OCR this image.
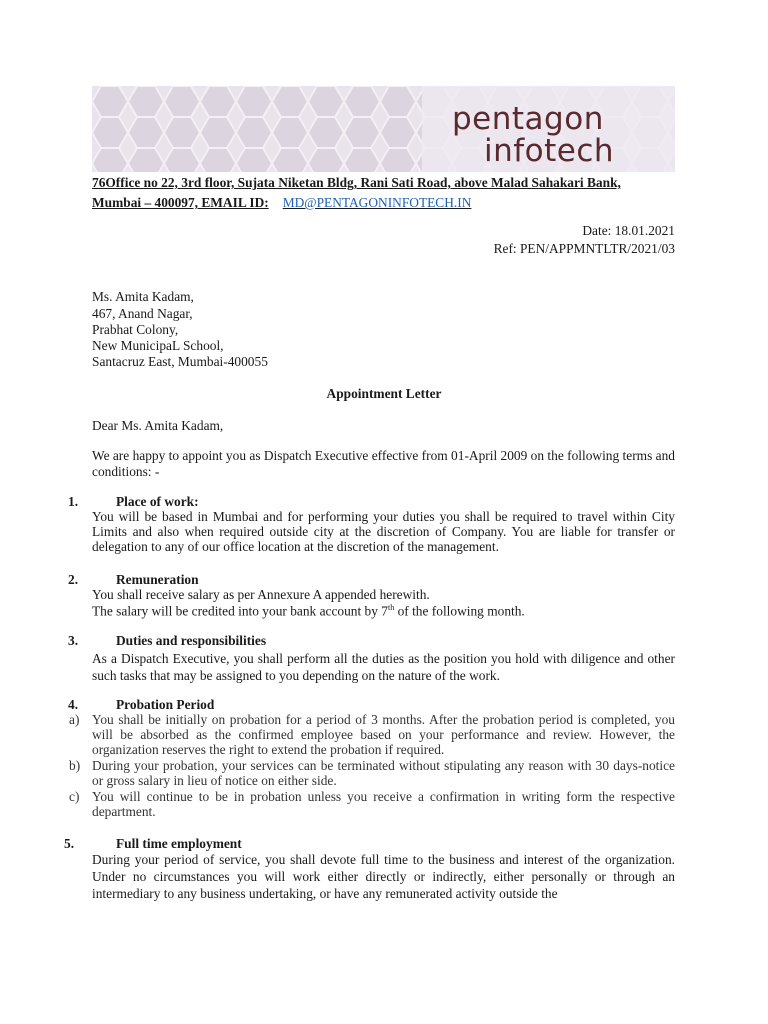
pentagon
infotech
76Office no 22, 3rd floor, Sujata Niketan Bldg, Rani Sati Road, above Malad Sahakari Bank,
Mumbai – 400097, EMAIL ID: MD@PENTAGONINFOTECH.IN
Date: 18.01.2021
Ref: PEN/APPMNTLTR/2021/03
Ms. Amita Kadam,
467, Anand Nagar,
Prabhat Colony,
New MunicipaL School,
Santacruz East, Mumbai-400055
Appointment Letter
Dear Ms. Amita Kadam,
We are happy to appoint you as Dispatch Executive effective from 01-April 2009 on the following terms and conditions: -
1.	Place of work:
You will be based in Mumbai and for performing your duties you shall be required to travel within City Limits and also when required outside city at the discretion of Company. You are liable for transfer or delegation to any of our office location at the discretion of the management.
2.	Remuneration
You shall receive salary as per Annexure A appended herewith.
The salary will be credited into your bank account by 7th of the following month.
3.	Duties and responsibilities
As a Dispatch Executive, you shall perform all the duties as the position you hold with diligence and other such tasks that may be assigned to you depending on the nature of the work.
4.	Probation Period
a) You shall be initially on probation for a period of 3 months. After the probation period is completed, you will be absorbed as the confirmed employee based on your performance and review. However, the organization reserves the right to extend the probation if required.
b) During your probation, your services can be terminated without stipulating any reason with 30 days-notice or gross salary in lieu of notice on either side.
c) You will continue to be in probation unless you receive a confirmation in writing form the respective department.
5.	Full time employment
During your period of service, you shall devote full time to the business and interest of the organization. Under no circumstances you will work either directly or indirectly, either personally or through an intermediary to any business undertaking, or have any remunerated activity outside the
